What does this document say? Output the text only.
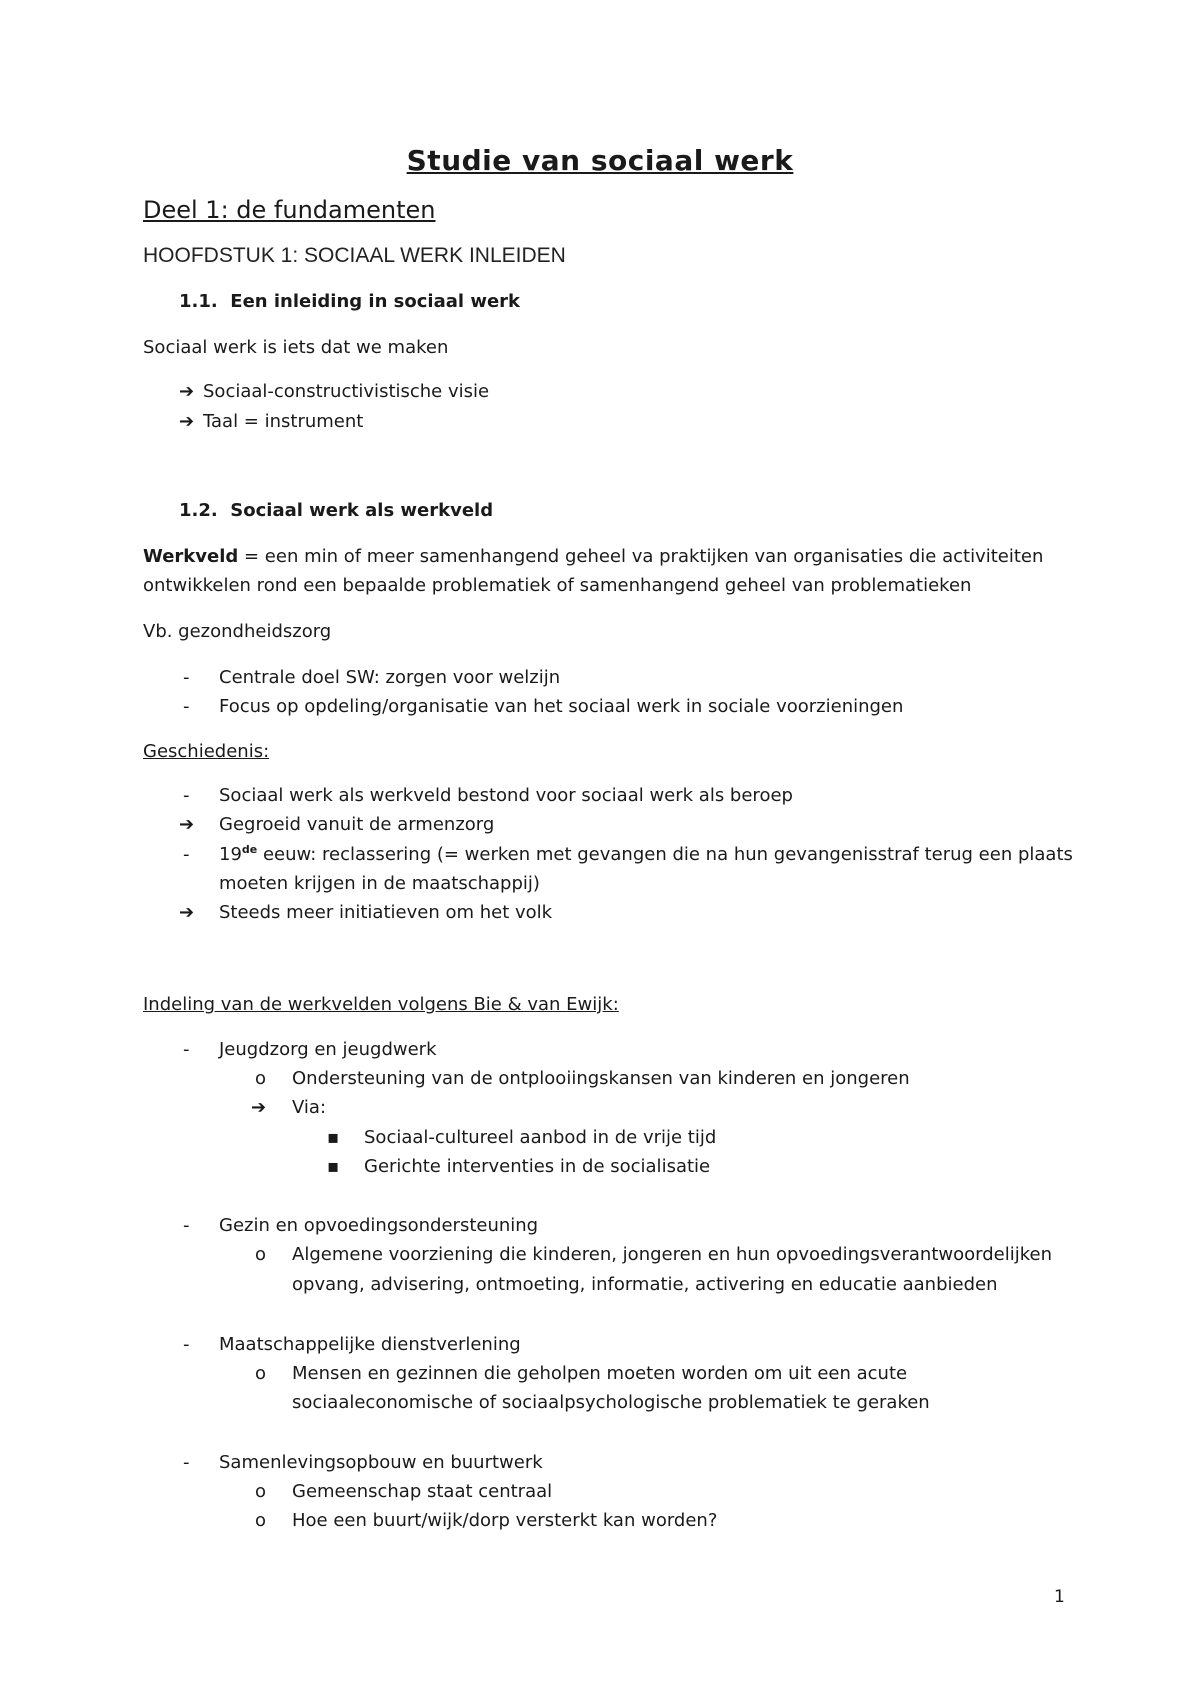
Studie van sociaal werk
Deel 1: de fundamenten
HOOFDSTUK 1: SOCIAAL WERK INLEIDEN
1.1. Een inleiding in sociaal werk
Sociaal werk is iets dat we maken
➔ Sociaal-constructivistische visie
➔ Taal = instrument
1.2. Sociaal werk als werkveld
Werkveld = een min of meer samenhangend geheel va praktijken van organisaties die activiteiten
ontwikkelen rond een bepaalde problematiek of samenhangend geheel van problematieken
Vb. gezondheidszorg
- Centrale doel SW: zorgen voor welzijn
- Focus op opdeling/organisatie van het sociaal werk in sociale voorzieningen
Geschiedenis:
- Sociaal werk als werkveld bestond voor sociaal werk als beroep
➔ Gegroeid vanuit de armenzorg
- 19de eeuw: reclassering (= werken met gevangen die na hun gevangenisstraf terug een plaats
moeten krijgen in de maatschappij)
➔ Steeds meer initiatieven om het volk
Indeling van de werkvelden volgens Bie & van Ewijk:
- Jeugdzorg en jeugdwerk
o Ondersteuning van de ontplooiingskansen van kinderen en jongeren
➔ Via:
▪ Sociaal-cultureel aanbod in de vrije tijd
▪ Gerichte interventies in de socialisatie
- Gezin en opvoedingsondersteuning
o Algemene voorziening die kinderen, jongeren en hun opvoedingsverantwoordelijken
opvang, advisering, ontmoeting, informatie, activering en educatie aanbieden
- Maatschappelijke dienstverlening
o Mensen en gezinnen die geholpen moeten worden om uit een acute
sociaaleconomische of sociaalpsychologische problematiek te geraken
- Samenlevingsopbouw en buurtwerk
o Gemeenschap staat centraal
o Hoe een buurt/wijk/dorp versterkt kan worden?
1
